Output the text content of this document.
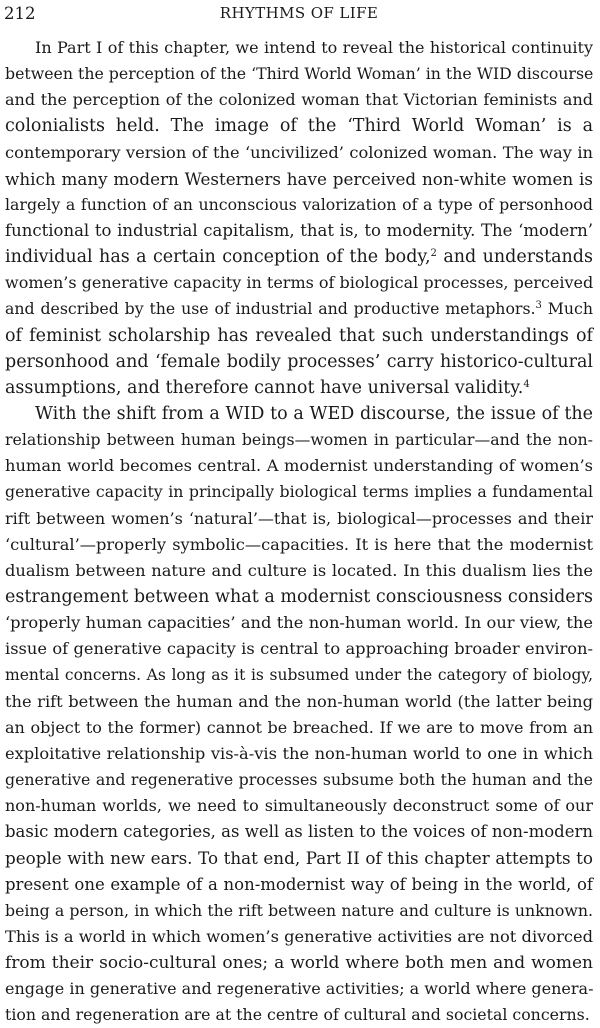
212	RHYTHMS OF LIFE

In Part I of this chapter, we intend to reveal the historical continuity
between the perception of the ‘Third World Woman’ in the WID discourse
and the perception of the colonized woman that Victorian feminists and
colonialists held. The image of the ‘Third World Woman’ is a
contemporary version of the ‘uncivilized’ colonized woman. The way in
which many modern Westerners have perceived non-white women is
largely a function of an unconscious valorization of a type of personhood
functional to industrial capitalism, that is, to modernity. The ‘modern’
individual has a certain conception of the body,$^2$ and understands
women’s generative capacity in terms of biological processes, perceived
and described by the use of industrial and productive metaphors.$^3$ Much
of feminist scholarship has revealed that such understandings of
personhood and ‘female bodily processes’ carry historico-cultural
assumptions, and therefore cannot have universal validity.$^4$

With the shift from a WID to a WED discourse, the issue of the
relationship between human beings—women in particular—and the non-
human world becomes central. A modernist understanding of women’s
generative capacity in principally biological terms implies a fundamental
rift between women’s ‘natural’—that is, biological—processes and their
‘cultural’—properly symbolic—capacities. It is here that the modernist
dualism between nature and culture is located. In this dualism lies the
estrangement between what a modernist consciousness considers
‘properly human capacities’ and the non-human world. In our view, the
issue of generative capacity is central to approaching broader environ-
mental concerns. As long as it is subsumed under the category of biology,
the rift between the human and the non-human world (the latter being
an object to the former) cannot be breached. If we are to move from an
exploitative relationship vis-à-vis the non-human world to one in which
generative and regenerative processes subsume both the human and the
non-human worlds, we need to simultaneously deconstruct some of our
basic modern categories, as well as listen to the voices of non-modern
people with new ears. To that end, Part II of this chapter attempts to
present one example of a non-modernist way of being in the world, of
being a person, in which the rift between nature and culture is unknown.
This is a world in which women’s generative activities are not divorced
from their socio-cultural ones; a world where both men and women
engage in generative and regenerative activities; a world where genera-
tion and regeneration are at the centre of cultural and societal concerns.
